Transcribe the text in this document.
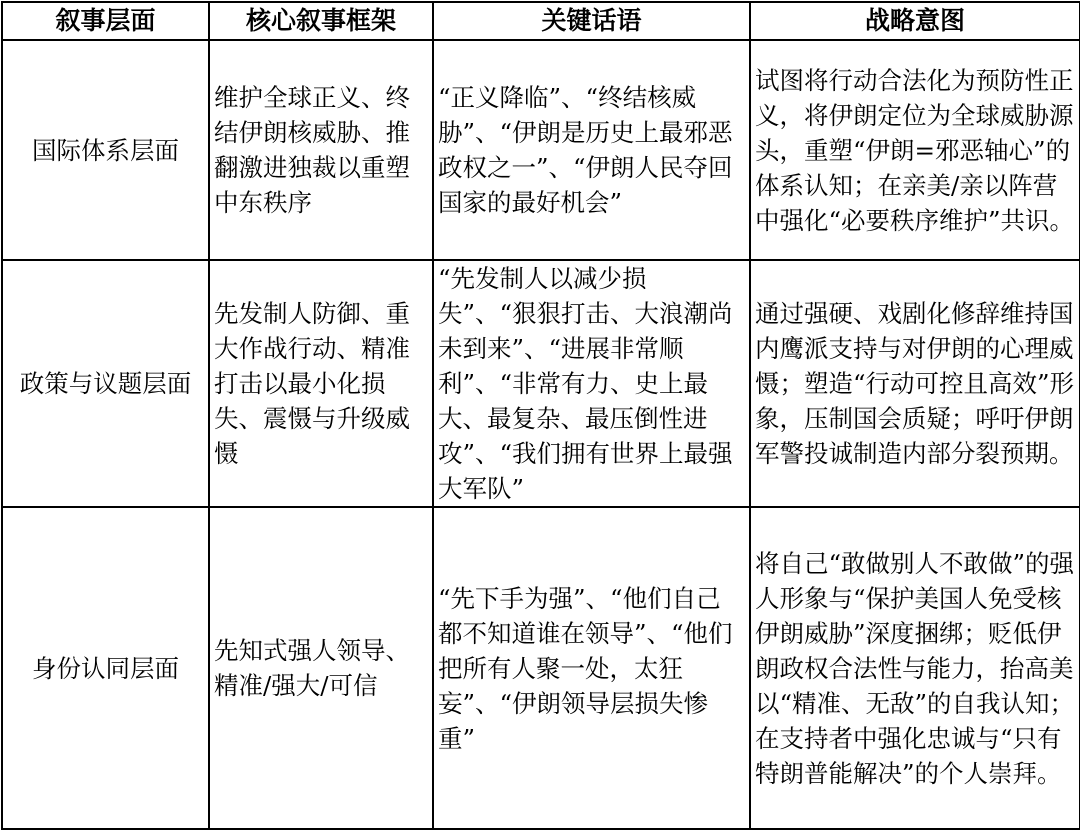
叙事层面	核心叙事框架	关键话语	战略意图
国际体系层面	维护全球正义、终结伊朗核威胁、推翻激进独裁以重塑中东秩序	“正义降临”、“终结核威胁”、“伊朗是历史上最邪恶政权之一”、“伊朗人民夺回国家的最好机会”	试图将行动合法化为预防性正义，将伊朗定位为全球威胁源头，重塑“伊朗=邪恶轴心”的体系认知；在亲美/亲以阵营中强化“必要秩序维护”共识。
政策与议题层面	先发制人防御、重大作战行动、精准打击以最小化损失、震慑与升级威慑	“先发制人以减少损失”、“狠狠打击、大浪潮尚未到来”、“进展非常顺利”、“非常有力、史上最大、最复杂、最压倒性进攻”、“我们拥有世界上最强大军队”	通过强硬、戏剧化修辞维持国内鹰派支持与对伊朗的心理威慑；塑造“行动可控且高效”形象，压制国会质疑；呼吁伊朗军警投诚制造内部分裂预期。
身份认同层面	先知式强人领导、精准/强大/可信	“先下手为强”、“他们自己都不知道谁在领导”、“他们把所有人聚一处，太狂妄”、“伊朗领导层损失惨重”	将自己“敢做别人不敢做”的强人形象与“保护美国人免受核伊朗威胁”深度捆绑；贬低伊朗政权合法性与能力，抬高美以“精准、无敌”的自我认知；在支持者中强化忠诚与“只有特朗普能解决”的个人崇拜。
